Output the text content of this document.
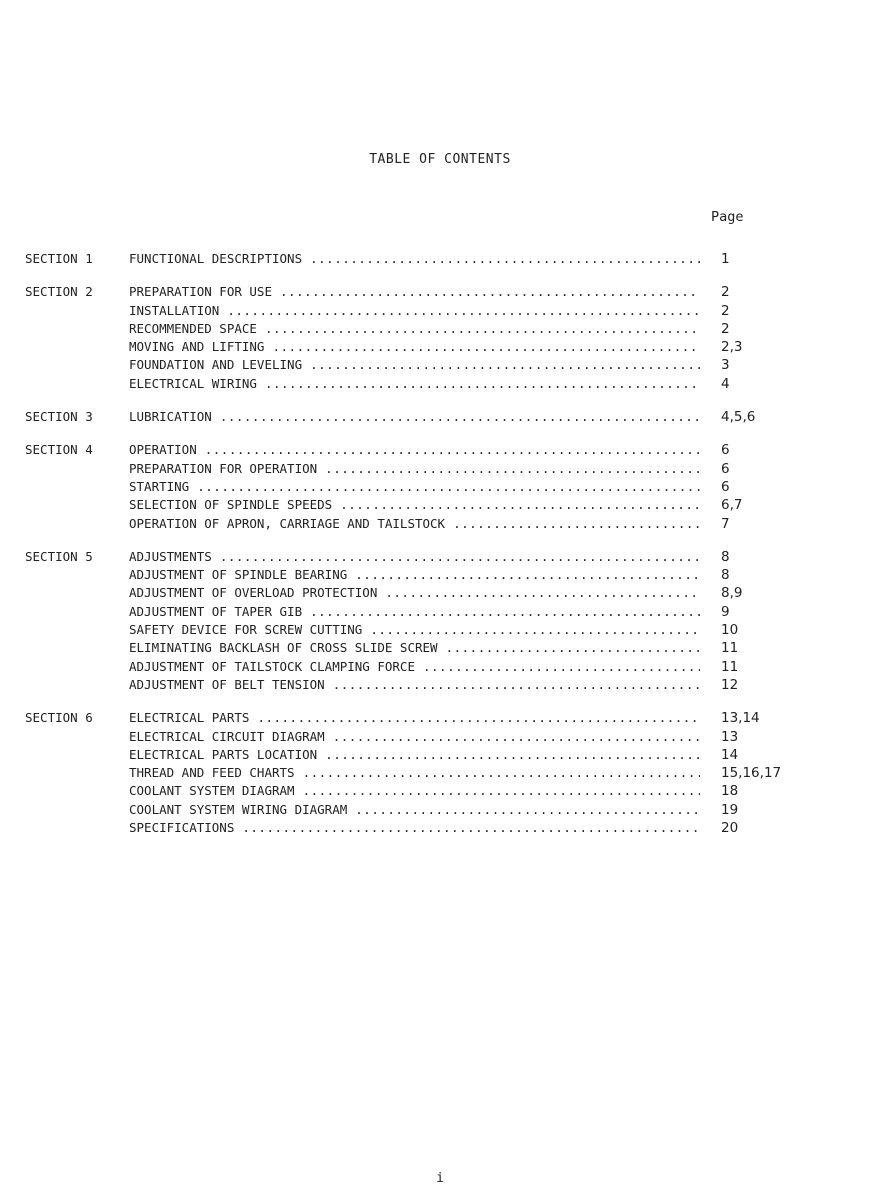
TABLE OF CONTENTS
Page
SECTION 1	FUNCTIONAL DESCRIPTIONS .....	1
SECTION 2	PREPARATION FOR USE .....	2
INSTALLATION .....	2
RECOMMENDED SPACE .....	2
MOVING AND LIFTING .....	2,3
FOUNDATION AND LEVELING .....	3
ELECTRICAL WIRING .....	4
SECTION 3	LUBRICATION .....	4,5,6
SECTION 4	OPERATION .....	6
PREPARATION FOR OPERATION .....	6
STARTING .....	6
SELECTION OF SPINDLE SPEEDS .....	6,7
OPERATION OF APRON, CARRIAGE AND TAILSTOCK .....	7
SECTION 5	ADJUSTMENTS .....	8
ADJUSTMENT OF SPINDLE BEARING .....	8
ADJUSTMENT OF OVERLOAD PROTECTION .....	8,9
ADJUSTMENT OF TAPER GIB .....	9
SAFETY DEVICE FOR SCREW CUTTING .....	10
ELIMINATING BACKLASH OF CROSS SLIDE SCREW .....	11
ADJUSTMENT OF TAILSTOCK CLAMPING FORCE .....	11
ADJUSTMENT OF BELT TENSION .....	12
SECTION 6	ELECTRICAL PARTS .....	13,14
ELECTRICAL CIRCUIT DIAGRAM .....	13
ELECTRICAL PARTS LOCATION .....	14
THREAD AND FEED CHARTS .....	15,16,17
COOLANT SYSTEM DIAGRAM .....	18
COOLANT SYSTEM WIRING DIAGRAM .....	19
SPECIFICATIONS .....	20
i
